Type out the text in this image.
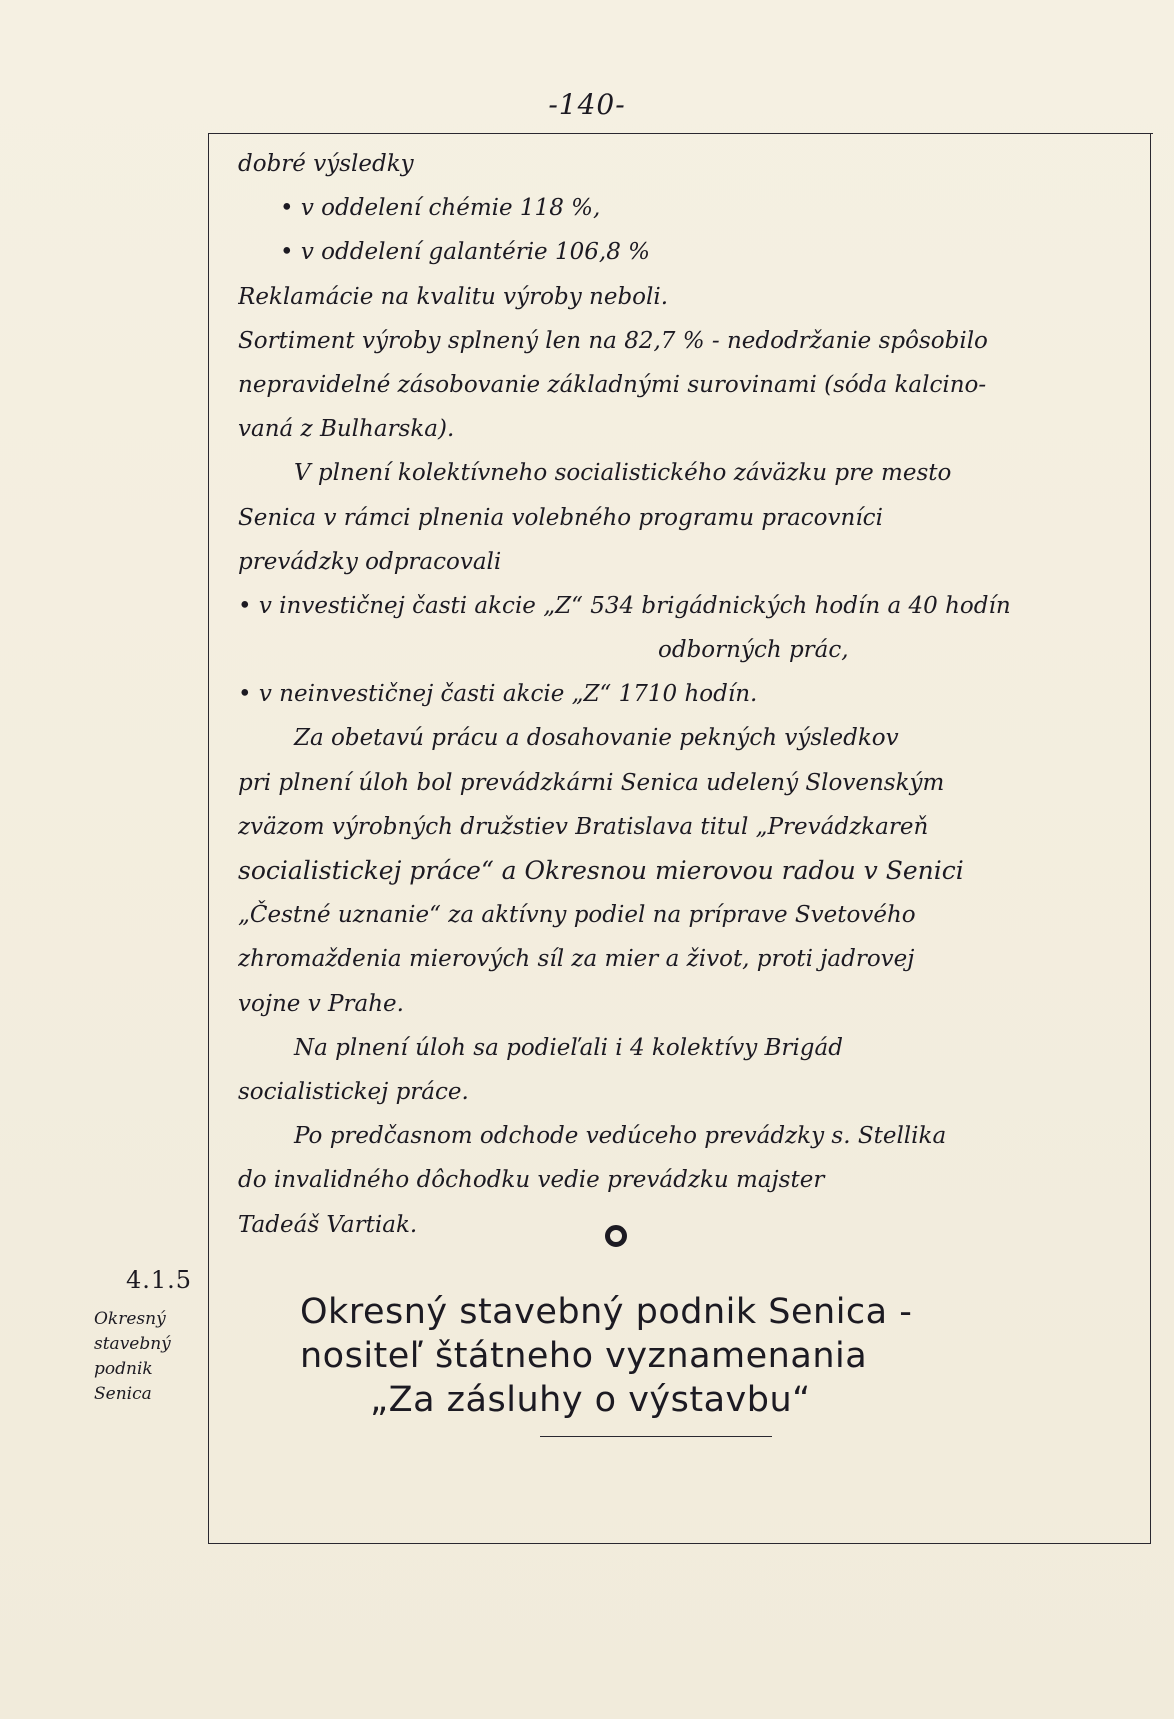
-140-
dobré výsledky
• v oddelení chémie 118 %,
• v oddelení galantérie 106,8 %
Reklamácie na kvalitu výroby neboli.
Sortiment výroby splnený len na 82,7 % - nedodržanie spôsobilo
nepravidelné zásobovanie základnými surovinami (sóda kalcino-
vaná z Bulharska).
V plnení kolektívneho socialistického záväzku pre mesto
Senica v rámci plnenia volebného programu pracovníci
prevádzky odpracovali
• v investičnej časti akcie „Z“ 534 brigádnických hodín a 40 hodín
odborných prác,
• v neinvestičnej časti akcie „Z“ 1710 hodín.
Za obetavú prácu a dosahovanie pekných výsledkov
pri plnení úloh bol prevádzkárni Senica udelený Slovenským
zväzom výrobných družstiev Bratislava titul „Prevádzkareň
socialistickej práce“ a Okresnou mierovou radou v Senici
„Čestné uznanie“ za aktívny podiel na príprave Svetového
zhromaždenia mierových síl za mier a život, proti jadrovej
vojne v Prahe.
Na plnení úloh sa podieľali i 4 kolektívy Brigád
socialistickej práce.
Po predčasnom odchode vedúceho prevádzky s. Stellika
do invalidného dôchodku vedie prevádzku majster
Tadeáš Vartiak.
4.1.5
Okresný stavebný podnik Senica
Okresný stavebný podnik Senica -
nositeľ štátneho vyznamenania
„Za zásluhy o výstavbu“
